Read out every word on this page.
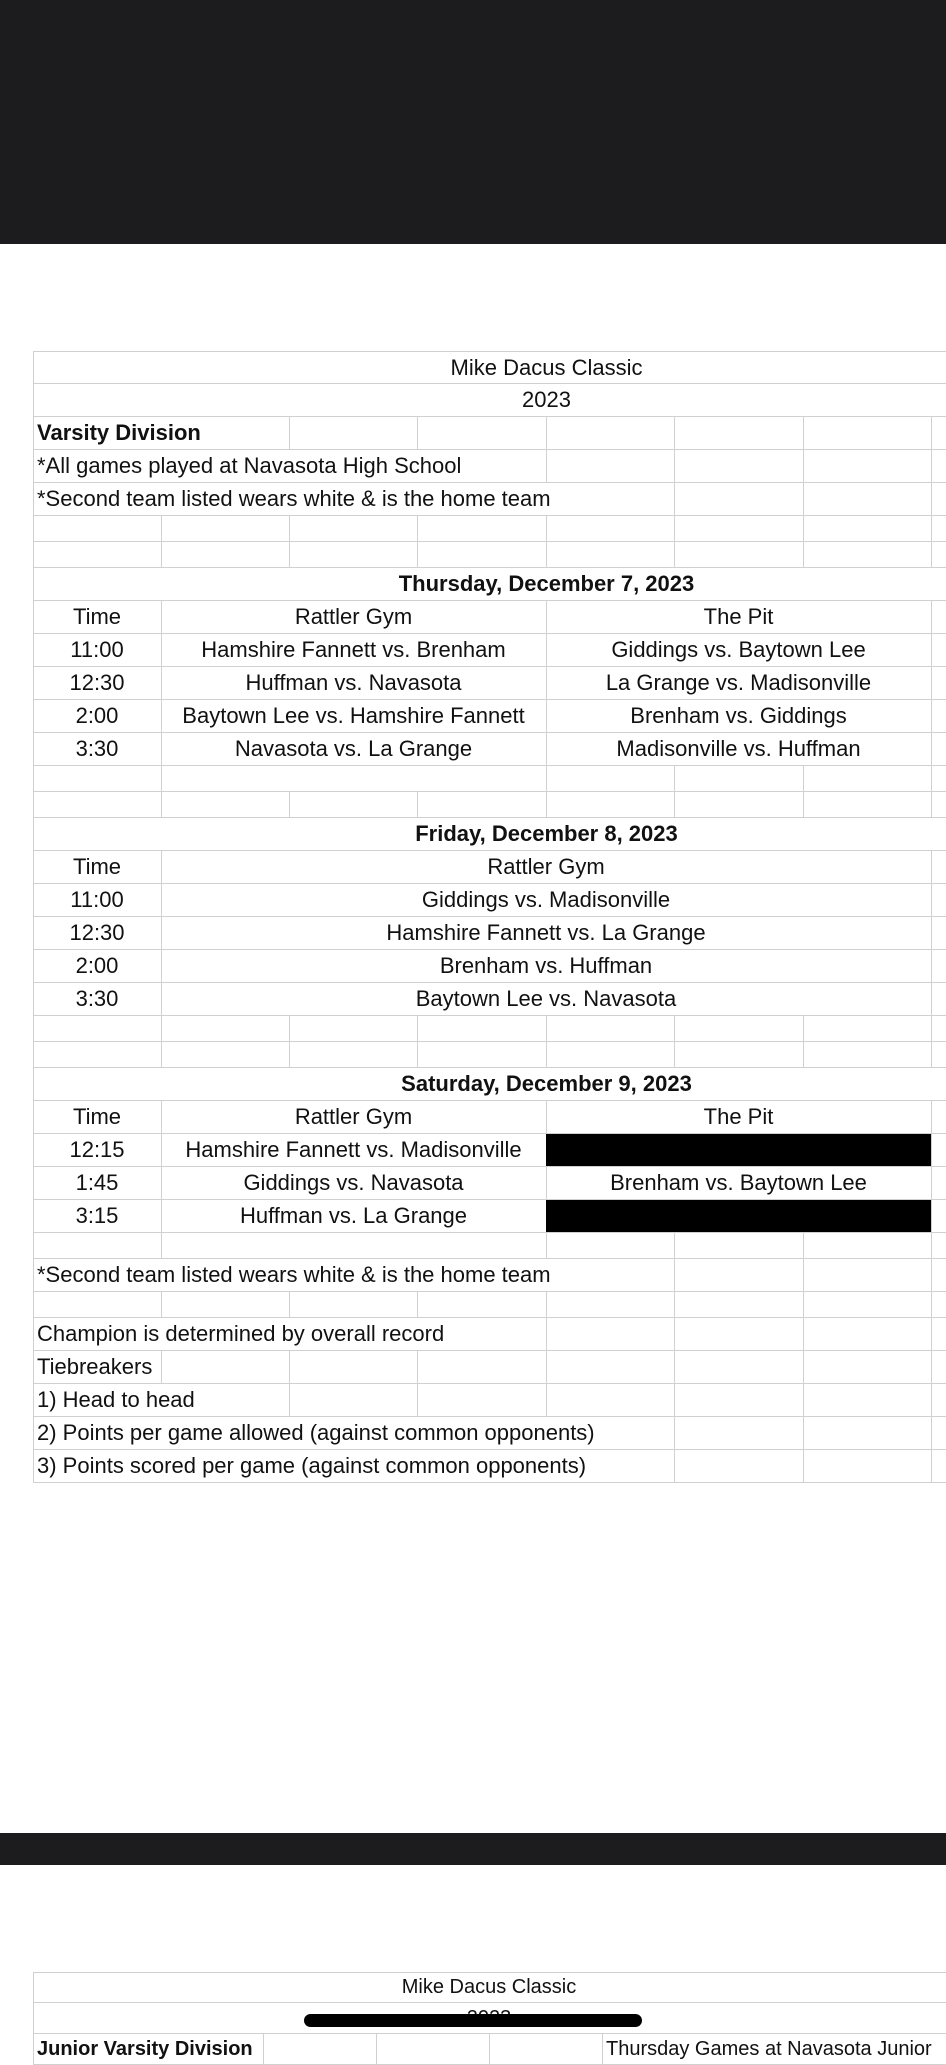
Mike Dacus Classic
2023
Varsity Division
*All games played at Navasota High School
*Second team listed wears white & is the home team
Thursday, December 7, 2023
Time	Rattler Gym	The Pit
11:00	Hamshire Fannett vs. Brenham	Giddings vs. Baytown Lee
12:30	Huffman vs. Navasota	La Grange vs. Madisonville
2:00	Baytown Lee vs. Hamshire Fannett	Brenham vs. Giddings
3:30	Navasota vs. La Grange	Madisonville vs. Huffman
Friday, December 8, 2023
Time	Rattler Gym
11:00	Giddings vs. Madisonville
12:30	Hamshire Fannett vs. La Grange
2:00	Brenham vs. Huffman
3:30	Baytown Lee vs. Navasota
Saturday, December 9, 2023
Time	Rattler Gym	The Pit
12:15	Hamshire Fannett vs. Madisonville
1:45	Giddings vs. Navasota	Brenham vs. Baytown Lee
3:15	Huffman vs. La Grange
*Second team listed wears white & is the home team
Champion is determined by overall record
Tiebreakers
1) Head to head
2) Points per game allowed (against common opponents)
3) Points scored per game (against common opponents)
Mike Dacus Classic
Junior Varsity Division	Thursday Games at Navasota Junior
